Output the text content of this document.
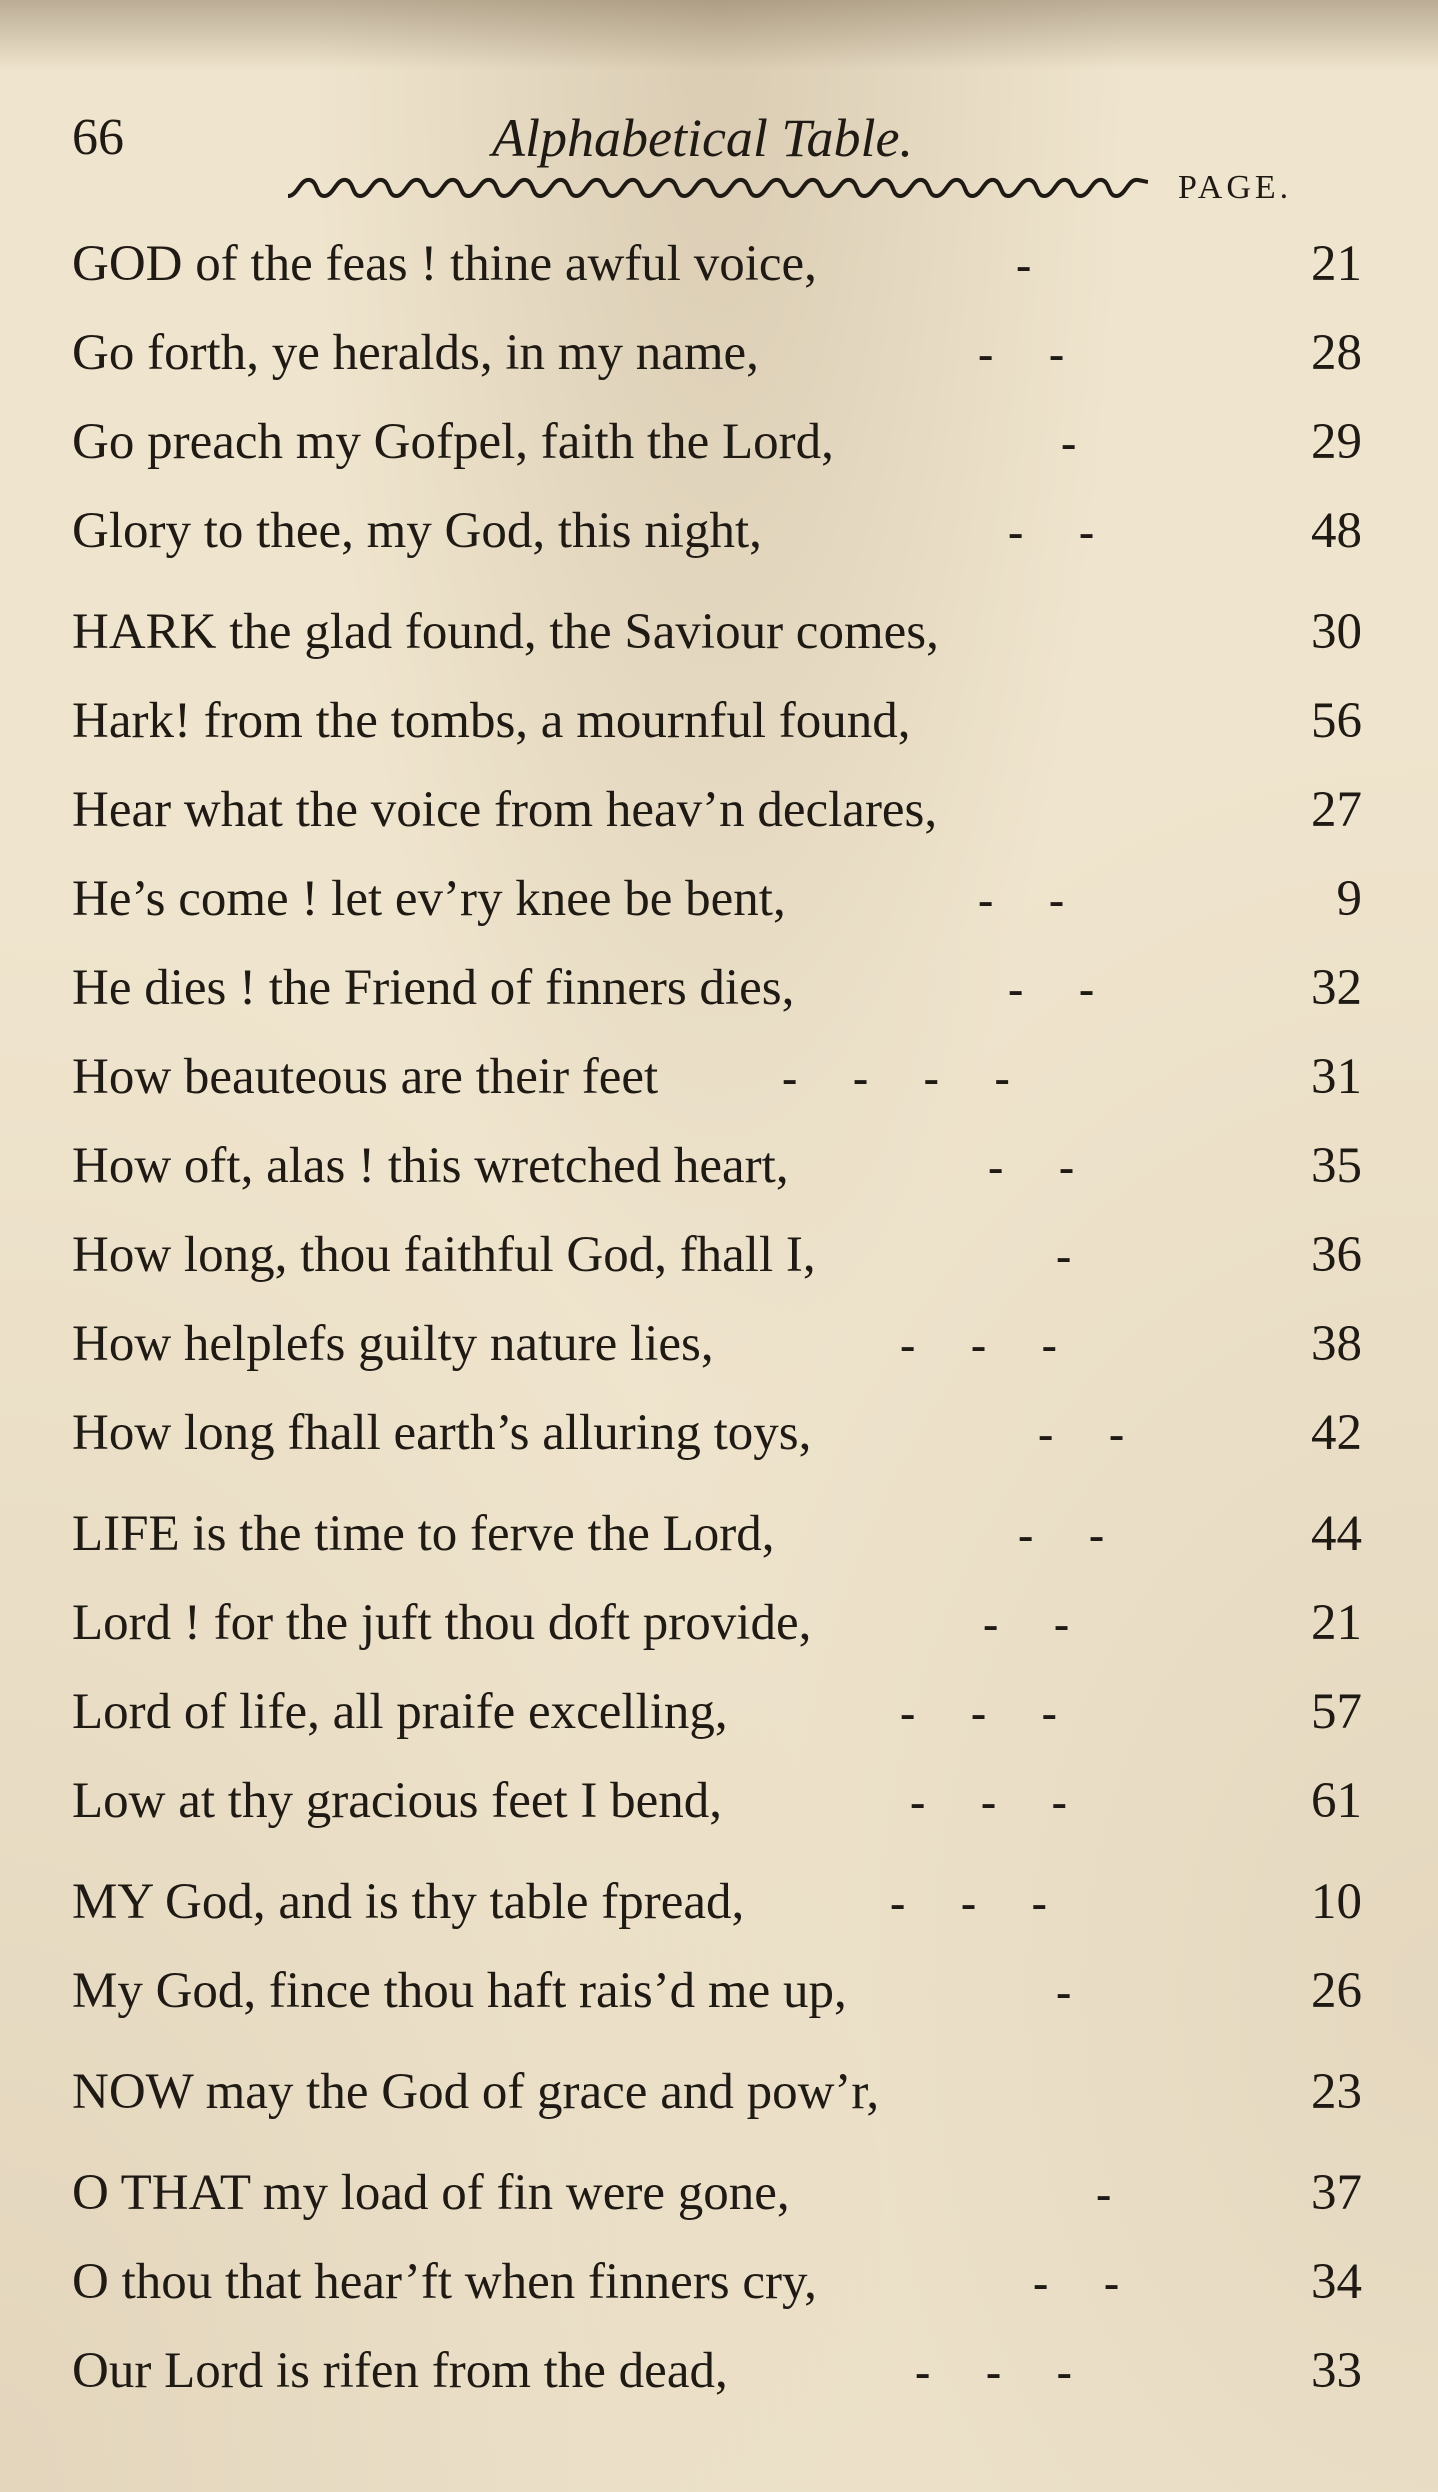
66	Alphabetical Table.
PAGE.
GOD of the feas ! thine awful voice,	-	21
Go forth, ye heralds, in my name,	- -	28
Go preach my Gofpel, faith the Lord,	-	29
Glory to thee, my God, this night,	- -	48
HARK the glad found, the Saviour comes,	30
Hark! from the tombs, a mournful found,	56
Hear what the voice from heav’n declares,	27
He’s come ! let ev’ry knee be bent,	- -	9
He dies ! the Friend of finners dies,	- -	32
How beauteous are their feet	- - - -	31
How oft, alas ! this wretched heart,	- -	35
How long, thou faithful God, fhall I,	-	36
How helplefs guilty nature lies,	- - -	38
How long fhall earth’s alluring toys,	- -	42
LIFE is the time to ferve the Lord,	- -	44
Lord ! for the juft thou doft provide,	- -	21
Lord of life, all praife excelling,	- - -	57
Low at thy gracious feet I bend,	- - -	61
MY God, and is thy table fpread,	- - -	10
My God, fince thou haft rais’d me up,	-	26
NOW may the God of grace and pow’r,	23
O THAT my load of fin were gone,	-	37
O thou that hear’ft when finners cry,	- -	34
Our Lord is rifen from the dead,	- - -	33
